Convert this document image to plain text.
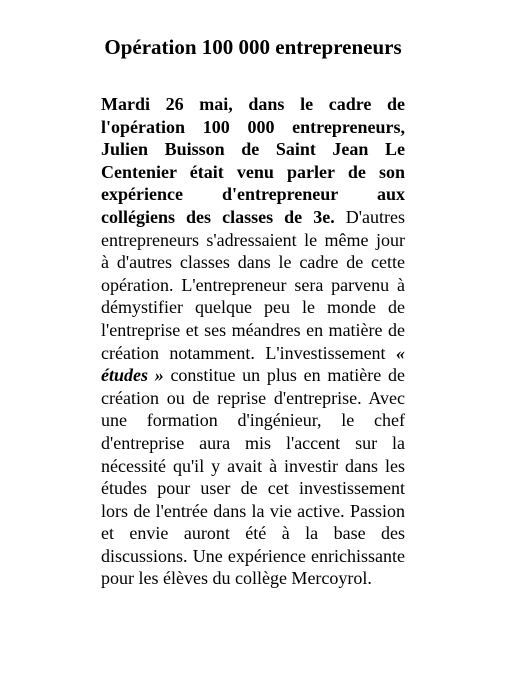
Opération 100 000 entrepreneurs

Mardi 26 mai, dans le cadre de l'opération 100 000 entrepreneurs, Julien Buisson de Saint Jean Le Centenier était venu parler de son expérience d'entrepreneur aux collégiens des classes de 3e. D'autres entrepreneurs s'adressaient le même jour à d'autres classes dans le cadre de cette opération. L'entrepreneur sera parvenu à démystifier quelque peu le monde de l'entreprise et ses méandres en matière de création notamment. L'investissement « études » constitue un plus en matière de création ou de reprise d'entreprise. Avec une formation d'ingénieur, le chef d'entreprise aura mis l'accent sur la nécessité qu'il y avait à investir dans les études pour user de cet investissement lors de l'entrée dans la vie active. Passion et envie auront été à la base des discussions. Une expérience enrichissante pour les élèves du collège Mercoyrol.
